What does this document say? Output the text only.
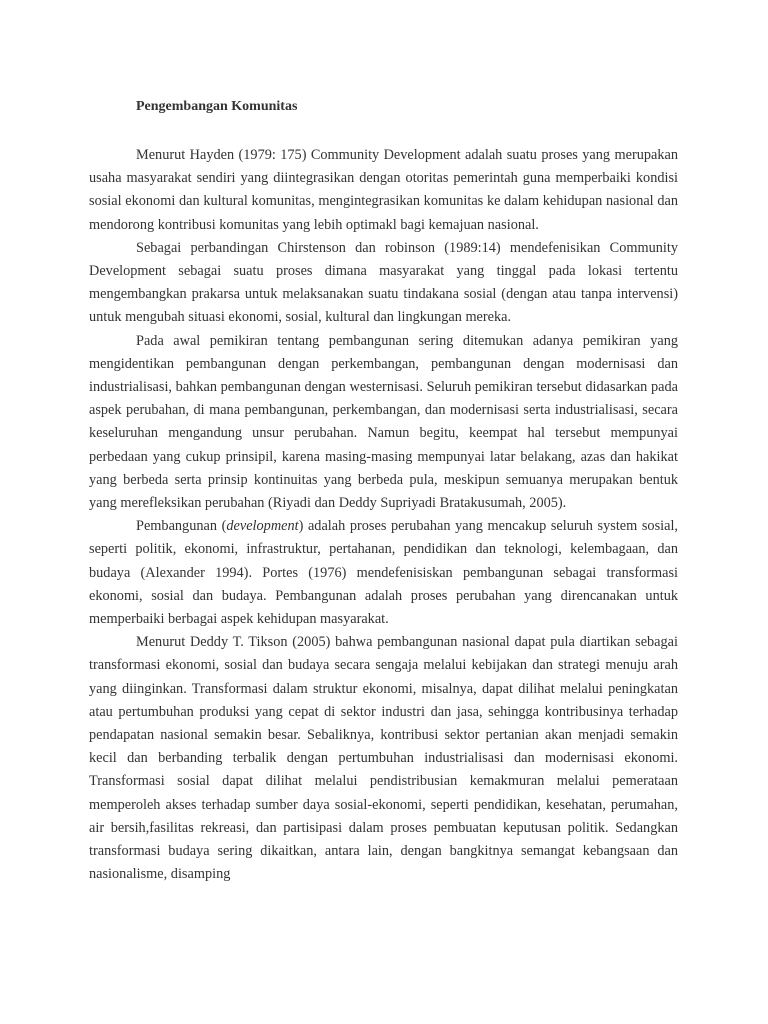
Pengembangan Komunitas

Menurut Hayden (1979: 175) Community Development adalah suatu proses yang merupakan usaha masyarakat sendiri yang diintegrasikan dengan otoritas pemerintah guna memperbaiki kondisi sosial ekonomi dan kultural komunitas, mengintegrasikan komunitas ke dalam kehidupan nasional dan mendorong kontribusi komunitas yang lebih optimakl bagi kemajuan nasional.

Sebagai perbandingan Chirstenson dan robinson (1989:14) mendefenisikan Community Development sebagai suatu proses dimana masyarakat yang tinggal pada lokasi tertentu mengembangkan prakarsa untuk melaksanakan suatu tindakana sosial (dengan atau tanpa intervensi) untuk mengubah situasi ekonomi, sosial, kultural dan lingkungan mereka.

Pada awal pemikiran tentang pembangunan sering ditemukan adanya pemikiran yang mengidentikan pembangunan dengan perkembangan, pembangunan dengan modernisasi dan industrialisasi, bahkan pembangunan dengan westernisasi. Seluruh pemikiran tersebut didasarkan pada aspek perubahan, di mana pembangunan, perkembangan, dan modernisasi serta industrialisasi, secara keseluruhan mengandung unsur perubahan. Namun begitu, keempat hal tersebut mempunyai perbedaan yang cukup prinsipil, karena masing-masing mempunyai latar belakang, azas dan hakikat yang berbeda serta prinsip kontinuitas yang berbeda pula, meskipun semuanya merupakan bentuk yang merefleksikan perubahan (Riyadi dan Deddy Supriyadi Bratakusumah, 2005).

Pembangunan (development) adalah proses perubahan yang mencakup seluruh system sosial, seperti politik, ekonomi, infrastruktur, pertahanan, pendidikan dan teknologi, kelembagaan, dan budaya (Alexander 1994). Portes (1976) mendefenisiskan pembangunan sebagai transformasi ekonomi, sosial dan budaya. Pembangunan adalah proses perubahan yang direncanakan untuk memperbaiki berbagai aspek kehidupan masyarakat.

Menurut Deddy T. Tikson (2005) bahwa pembangunan nasional dapat pula diartikan sebagai transformasi ekonomi, sosial dan budaya secara sengaja melalui kebijakan dan strategi menuju arah yang diinginkan. Transformasi dalam struktur ekonomi, misalnya, dapat dilihat melalui peningkatan atau pertumbuhan produksi yang cepat di sektor industri dan jasa, sehingga kontribusinya terhadap pendapatan nasional semakin besar. Sebaliknya, kontribusi sektor pertanian akan menjadi semakin kecil dan berbanding terbalik dengan pertumbuhan industrialisasi dan modernisasi ekonomi. Transformasi sosial dapat dilihat melalui pendistribusian kemakmuran melalui pemerataan memperoleh akses terhadap sumber daya sosial-ekonomi, seperti pendidikan, kesehatan, perumahan, air bersih,fasilitas rekreasi, dan partisipasi dalam proses pembuatan keputusan politik. Sedangkan transformasi budaya sering dikaitkan, antara lain, dengan bangkitnya semangat kebangsaan dan nasionalisme, disamping
